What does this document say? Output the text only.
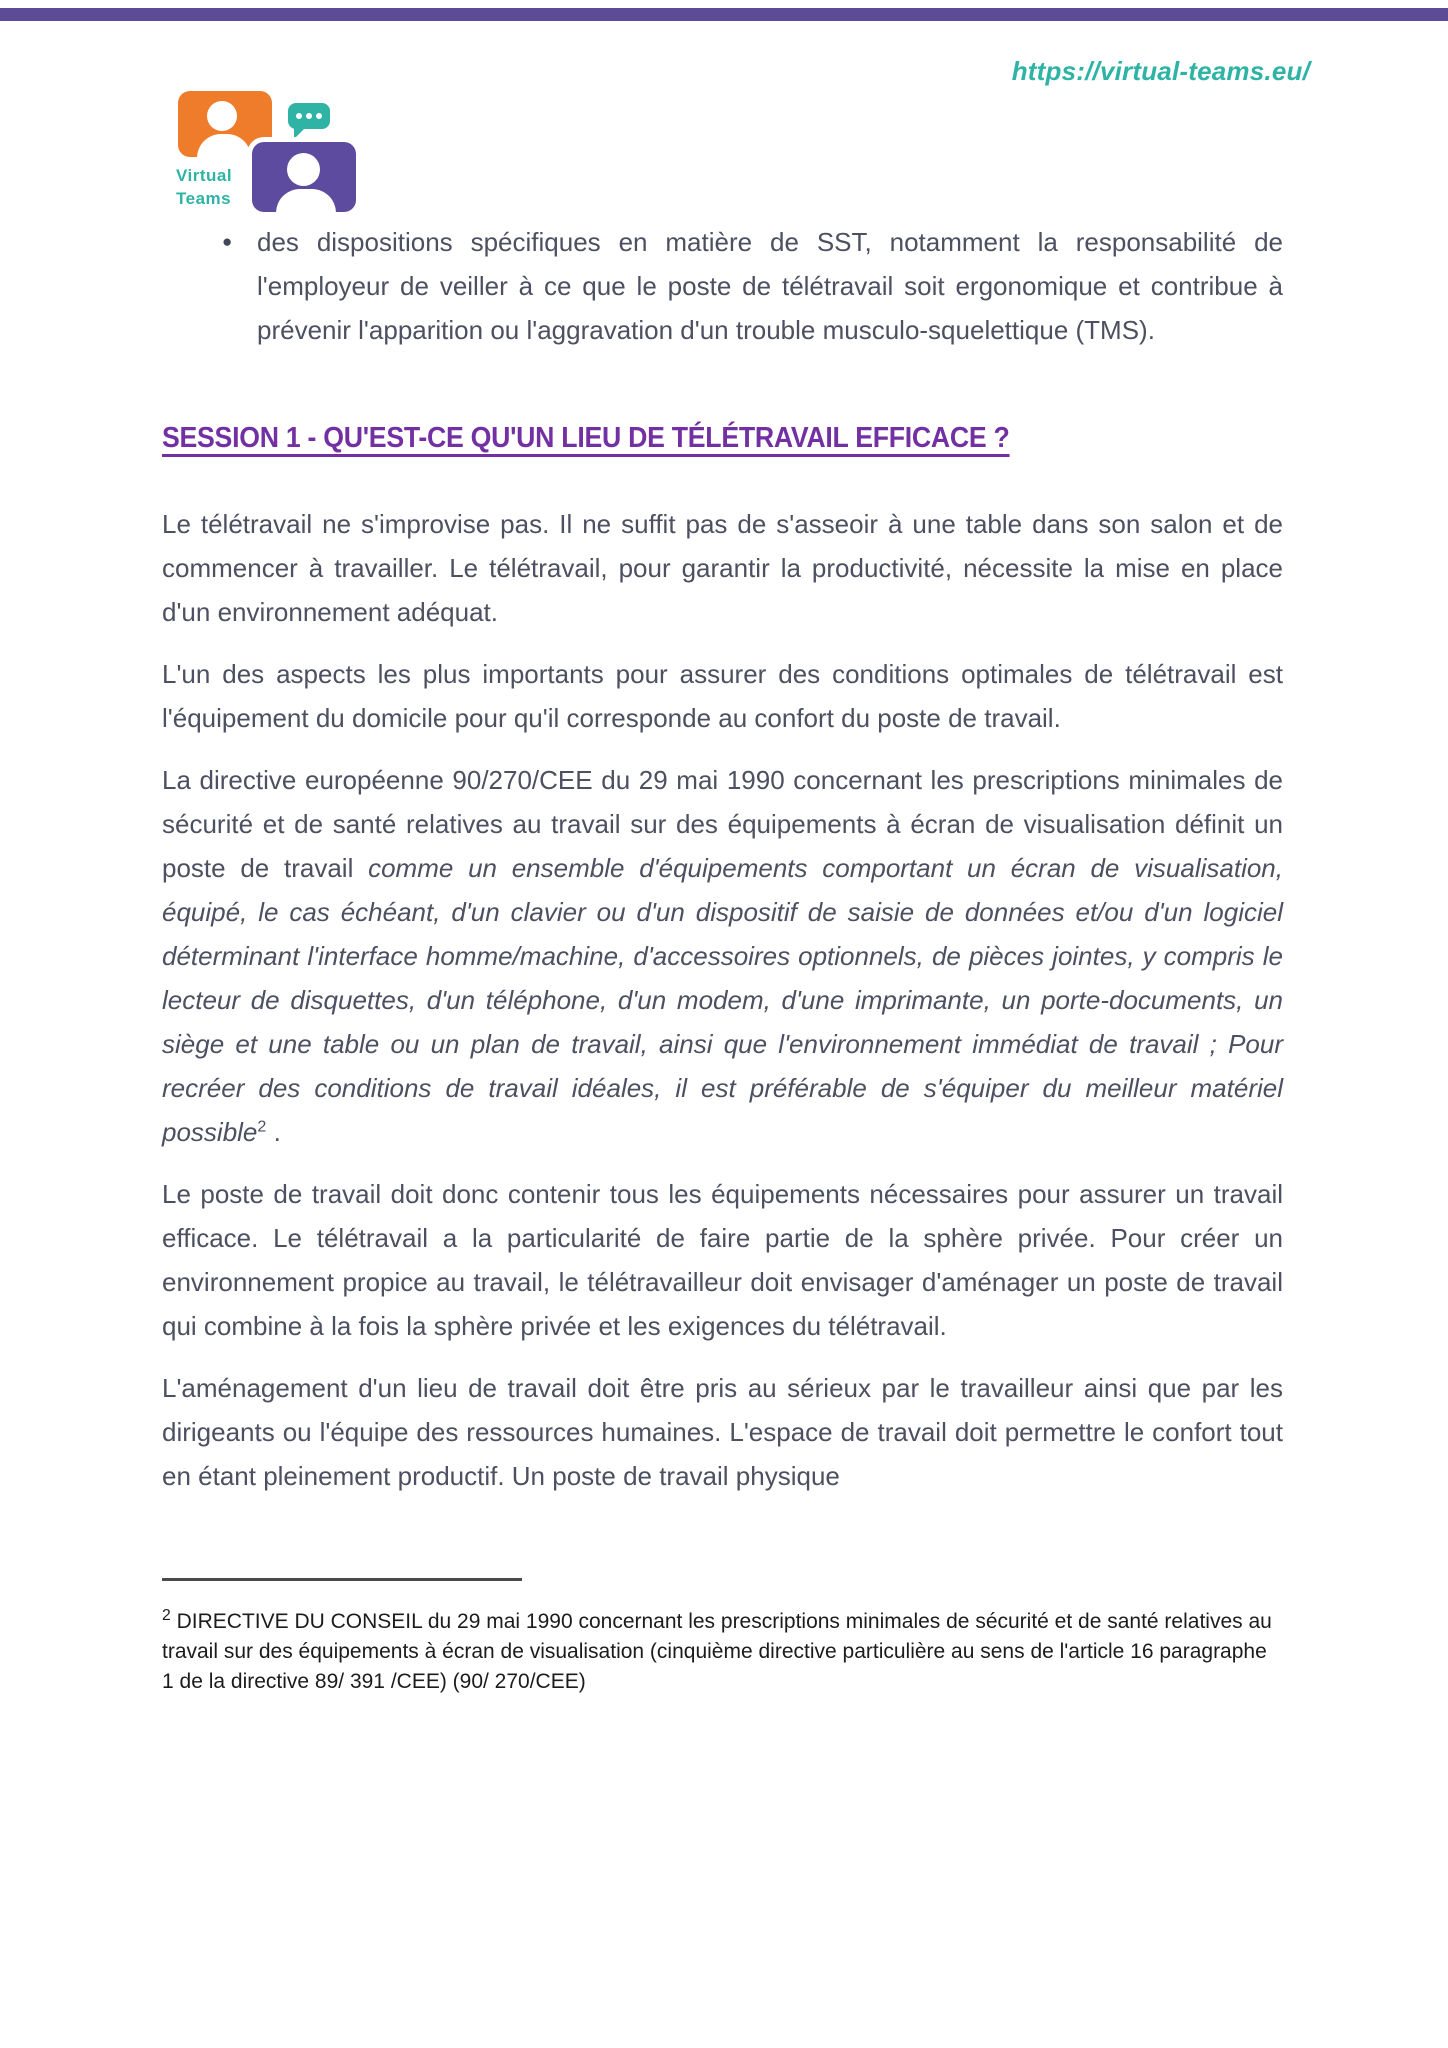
https://virtual-teams.eu/
Virtual
Teams
● des dispositions spécifiques en matière de SST, notamment la responsabilité de l'employeur de veiller à ce que le poste de télétravail soit ergonomique et contribue à prévenir l'apparition ou l'aggravation d'un trouble musculo-squelettique (TMS).
SESSION 1 - QU'EST-CE QU'UN LIEU DE TÉLÉTRAVAIL EFFICACE ?

Le télétravail ne s'improvise pas. Il ne suffit pas de s'asseoir à une table dans son salon et de commencer à travailler. Le télétravail, pour garantir la productivité, nécessite la mise en place d'un environnement adéquat.

L'un des aspects les plus importants pour assurer des conditions optimales de télétravail est l'équipement du domicile pour qu'il corresponde au confort du poste de travail.

La directive européenne 90/270/CEE du 29 mai 1990 concernant les prescriptions minimales de sécurité et de santé relatives au travail sur des équipements à écran de visualisation définit un poste de travail comme un ensemble d'équipements comportant un écran de visualisation, équipé, le cas échéant, d'un clavier ou d'un dispositif de saisie de données et/ou d'un logiciel déterminant l'interface homme/machine, d'accessoires optionnels, de pièces jointes, y compris le lecteur de disquettes, d'un téléphone, d'un modem, d'une imprimante, un porte-documents, un siège et une table ou un plan de travail, ainsi que l'environnement immédiat de travail ; Pour recréer des conditions de travail idéales, il est préférable de s'équiper du meilleur matériel possible$^2$ .

Le poste de travail doit donc contenir tous les équipements nécessaires pour assurer un travail efficace. Le télétravail a la particularité de faire partie de la sphère privée. Pour créer un environnement propice au travail, le télétravailleur doit envisager d'aménager un poste de travail qui combine à la fois la sphère privée et les exigences du télétravail.

L'aménagement d'un lieu de travail doit être pris au sérieux par le travailleur ainsi que par les dirigeants ou l'équipe des ressources humaines. L'espace de travail doit permettre le confort tout en étant pleinement productif. Un poste de travail physique

$^2$ DIRECTIVE DU CONSEIL du 29 mai 1990 concernant les prescriptions minimales de sécurité et de santé relatives au travail sur des équipements à écran de visualisation (cinquième directive particulière au sens de l'article 16 paragraphe 1 de la directive 89/ 391 /CEE) (90/ 270/CEE)
